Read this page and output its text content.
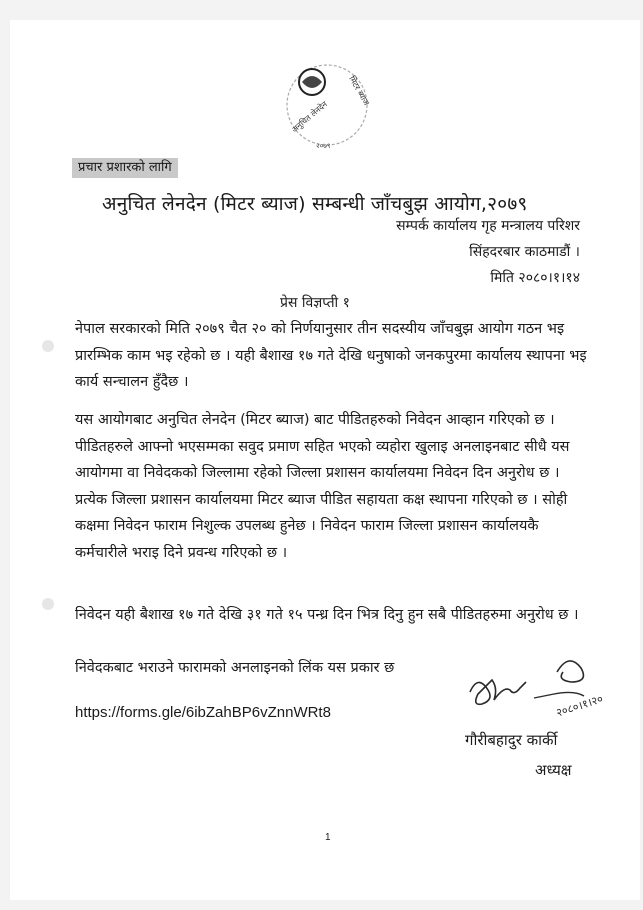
अनुचित लेनदेन
मिटर ब्याज
२०७९
प्रचार प्रशारको लागि
अनुचित लेनदेन (मिटर ब्याज) सम्बन्धी जाँचबुझ आयोग,२०७९
सम्पर्क कार्यालय गृह मन्त्रालय परिशर
सिंहदरबार काठमाडौं ।
मिति २०८०।१।१४
प्रेस विज्ञप्ती १
नेपाल सरकारको मिति २०७९ चैत २० को निर्णयानुसार तीन सदस्यीय जाँचबुझ आयोग गठन भइ प्रारम्भिक काम भइ रहेको छ । यही बैशाख १७ गते देखि धनुषाको जनकपुरमा कार्यालय स्थापना भइ कार्य सन्चालन हुँदैछ ।
यस आयोगबाट अनुचित लेनदेन (मिटर ब्याज) बाट पीडितहरुको निवेदन आव्हान गरिएको छ । पीडितहरुले आफ्नो भएसम्मका सवुद प्रमाण सहित भएको व्यहोरा खुलाइ अनलाइनबाट सीधै यस आयोगमा वा निवेदकको जिल्लामा रहेको जिल्ला प्रशासन कार्यालयमा निवेदन दिन अनुरोध छ । प्रत्येक जिल्ला प्रशासन कार्यालयमा मिटर ब्याज पीडित सहायता कक्ष स्थापना गरिएको छ । सोही कक्षमा निवेदन फाराम निशुल्क उपलब्ध हुनेछ । निवेदन फाराम जिल्ला प्रशासन कार्यालयकै कर्मचारीले भराइ दिने प्रवन्ध गरिएको छ ।
निवेदन यही बैशाख १७ गते देखि ३१ गते १५ पन्ध्र दिन भित्र दिनु हुन सबै पीडितहरुमा अनुरोध छ ।
निवेदकबाट भराउने फारामको अनलाइनको लिंक यस प्रकार छ
https://forms.gle/6ibZahBP6vZnnWRt8	२०८०।१।२०
गौरीबहादुर कार्की
अध्यक्ष
1
